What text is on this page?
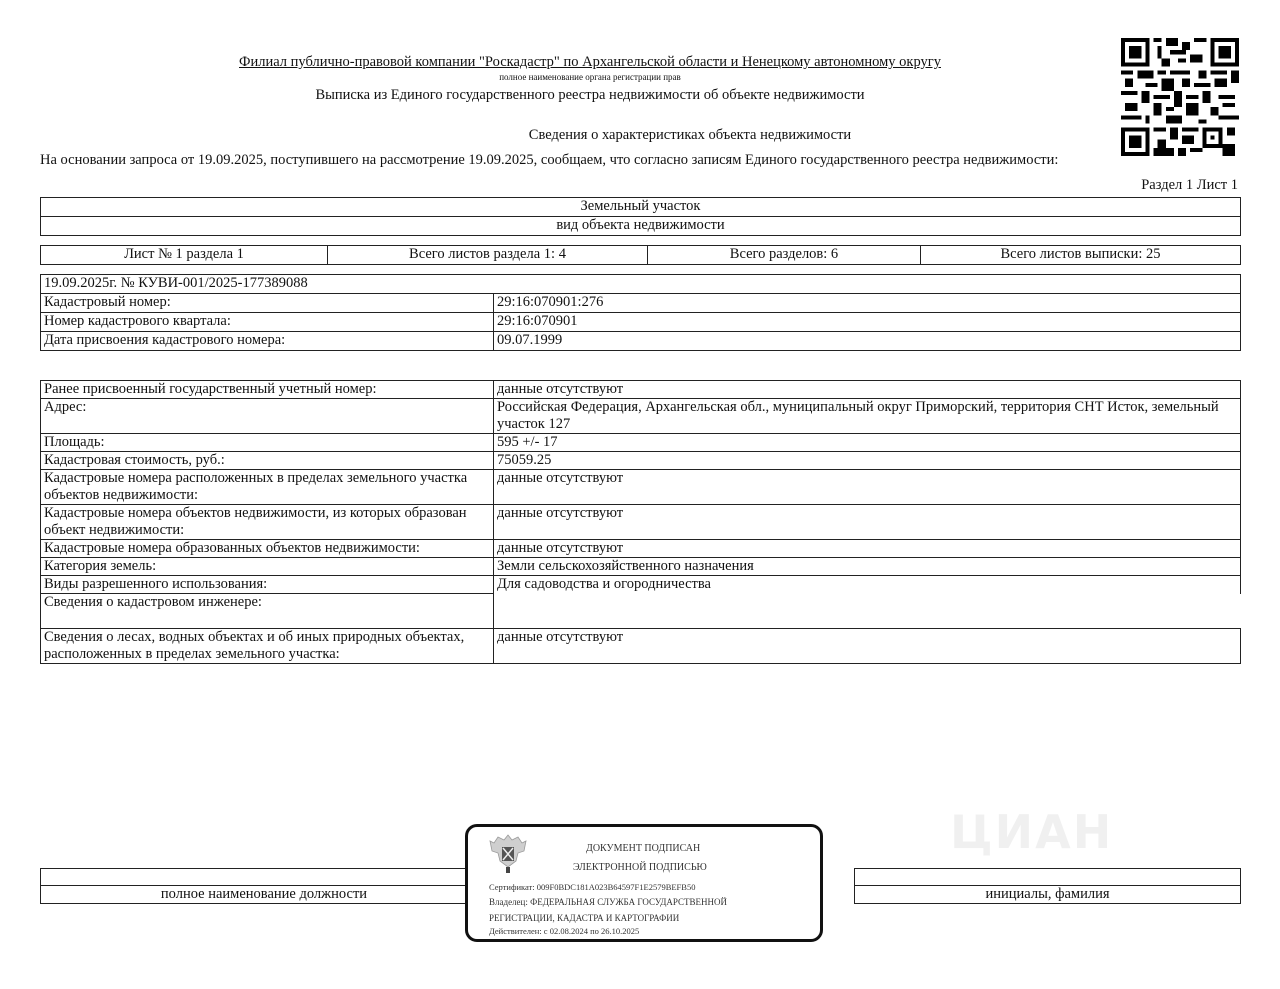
Филиал публично-правовой компании "Роскадастр" по Архангельской области и Ненецкому автономному округу
полное наименование органа регистрации прав
Выписка из Единого государственного реестра недвижимости об объекте недвижимости
Сведения о характеристиках объекта недвижимости
На основании запроса от 19.09.2025, поступившего на рассмотрение 19.09.2025, сообщаем, что согласно записям Единого государственного реестра недвижимости:
Раздел 1 Лист 1
Земельный участок
вид объекта недвижимости
Лист № 1 раздела 1	Всего листов раздела 1: 4	Всего разделов: 6	Всего листов выписки: 25
19.09.2025г. № КУВИ-001/2025-177389088	
Кадастровый номер:	29:16:070901:276
Номер кадастрового квартала:	29:16:070901
Дата присвоения кадастрового номера:	09.07.1999
Ранее присвоенный государственный учетный номер:	данные отсутствуют
Адрес:	Российская Федерация, Архангельская обл., муниципальный округ Приморский, территория СНТ Исток, земельный участок 127
Площадь:	595 +/- 17
Кадастровая стоимость, руб.:	75059.25
Кадастровые номера расположенных в пределах земельного участка объектов недвижимости:	данные отсутствуют
Кадастровые номера объектов недвижимости, из которых образован объект недвижимости:	данные отсутствуют
Кадастровые номера образованных объектов недвижимости:	данные отсутствуют
Категория земель:	Земли сельскохозяйственного назначения
Виды разрешенного использования:	Для садоводства и огородничества
Сведения о кадастровом инженере:	
Сведения о лесах, водных объектах и об иных природных объектах, расположенных в пределах земельного участка:	данные отсутствуют
ЦИАН

полное наименование должности		инициалы, фамилия
ДОКУМЕНТ ПОДПИСАН
ЭЛЕКТРОННОЙ ПОДПИСЬЮ
Сертификат: 009F0BDC181A023B64597F1E2579BEFB50
Владелец: ФЕДЕРАЛЬНАЯ СЛУЖБА ГОСУДАРСТВЕННОЙ
РЕГИСТРАЦИИ, КАДАСТРА И КАРТОГРАФИИ
Действителен: с 02.08.2024 по 26.10.2025
